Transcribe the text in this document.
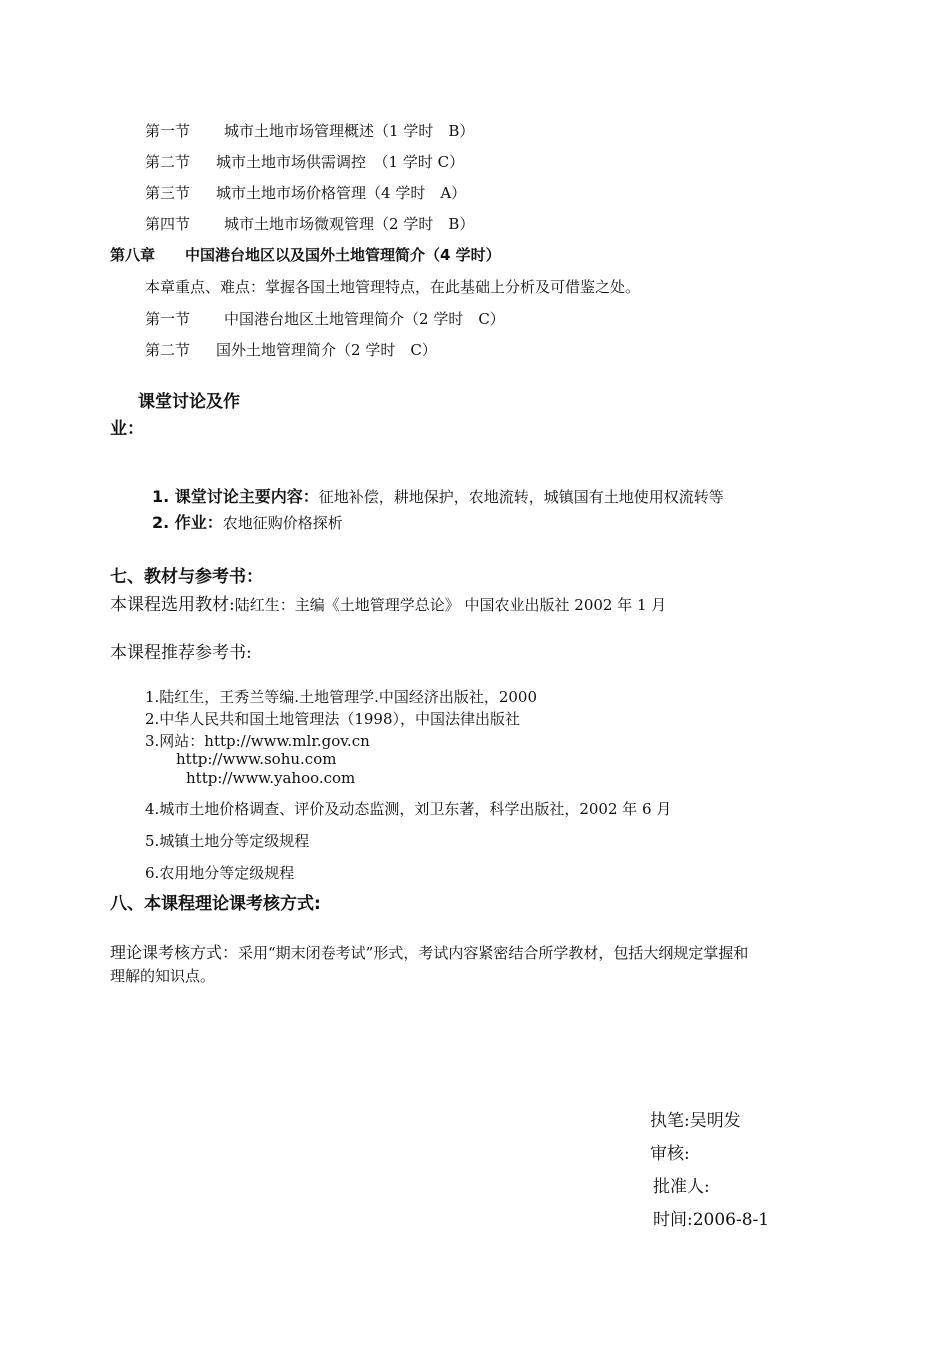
第一节 城市土地市场管理概述（1 学时　B）
第二节 城市土地市场供需调控　（1 学时 C）
第三节 城市土地市场价格管理（4 学时　A）
第四节 城市土地市场微观管理（2 学时　B）
第八章　　中国港台地区以及国外土地管理简介（4 学时）
本章重点、难点：掌握各国土地管理特点，在此基础上分析及可借鉴之处。
第一节 中国港台地区土地管理简介（2 学时　C）
第二节 国外土地管理简介（2 学时　C）
课堂讨论及作
业：
1. 课堂讨论主要内容：征地补偿，耕地保护，农地流转，城镇国有土地使用权流转等
2. 作业：农地征购价格探析
七、教材与参考书：
本课程选用教材:陆红生：主编《土地管理学总论》 中国农业出版社 2002 年 1 月
本课程推荐参考书:
1.陆红生，王秀兰等编.土地管理学.中国经济出版社，2000
2.中华人民共和国土地管理法（1998），中国法律出版社
3.网站：http://www.mlr.gov.cn
http://www.sohu.com
http://www.yahoo.com
4.城市土地价格调查、评价及动态监测，刘卫东著，科学出版社，2002 年 6 月
5.城镇土地分等定级规程
6.农用地分等定级规程
八、本课程理论课考核方式:
理论课考核方式：采用“期末闭卷考试”形式，考试内容紧密结合所学教材，包括大纲规定掌握和
理解的知识点。
执笔:吴明发
审核:
批准人:
时间:2006-8-1
